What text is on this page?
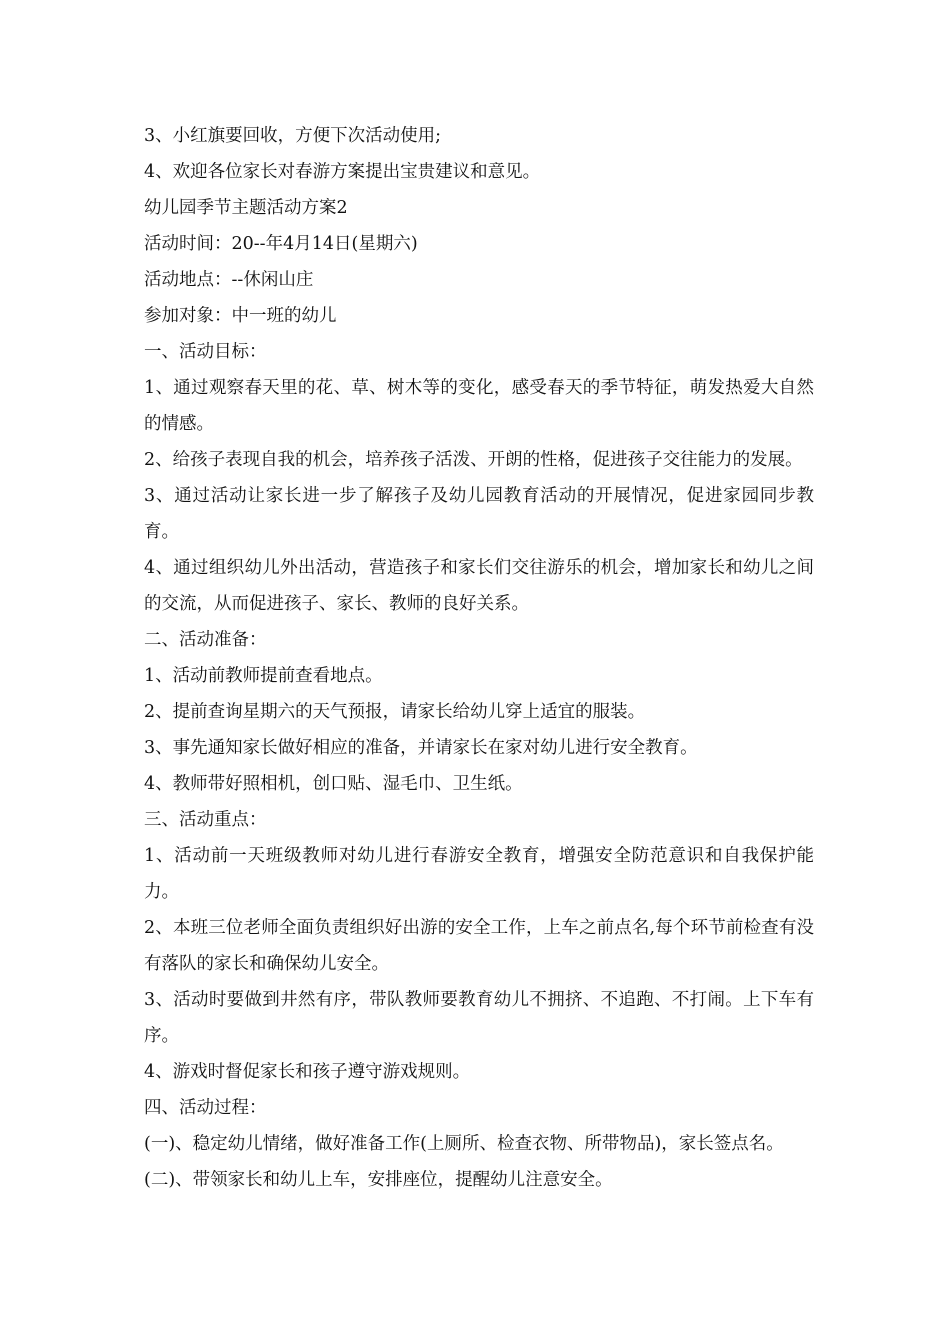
3、小红旗要回收，方便下次活动使用;

4、欢迎各位家长对春游方案提出宝贵建议和意见。

幼儿园季节主题活动方案2

活动时间：20--年4月14日(星期六)

活动地点：--休闲山庄

参加对象：中一班的幼儿

一、活动目标：

1、通过观察春天里的花、草、树木等的变化，感受春天的季节特征，萌发热爱大自然的情感。

2、给孩子表现自我的机会，培养孩子活泼、开朗的性格，促进孩子交往能力的发展。

3、通过活动让家长进一步了解孩子及幼儿园教育活动的开展情况，促进家园同步教育。

4、通过组织幼儿外出活动，营造孩子和家长们交往游乐的机会，增加家长和幼儿之间的交流，从而促进孩子、家长、教师的良好关系。

二、活动准备：

1、活动前教师提前查看地点。

2、提前查询星期六的天气预报，请家长给幼儿穿上适宜的服装。

3、事先通知家长做好相应的准备，并请家长在家对幼儿进行安全教育。

4、教师带好照相机，创口贴、湿毛巾、卫生纸。

三、活动重点：

1、活动前一天班级教师对幼儿进行春游安全教育，增强安全防范意识和自我保护能力。

2、本班三位老师全面负责组织好出游的安全工作，上车之前点名,每个环节前检查有没有落队的家长和确保幼儿安全。

3、活动时要做到井然有序，带队教师要教育幼儿不拥挤、不追跑、不打闹。上下车有序。

4、游戏时督促家长和孩子遵守游戏规则。

四、活动过程：

(一)、稳定幼儿情绪，做好准备工作(上厕所、检查衣物、所带物品)，家长签点名。

(二)、带领家长和幼儿上车，安排座位，提醒幼儿注意安全。
